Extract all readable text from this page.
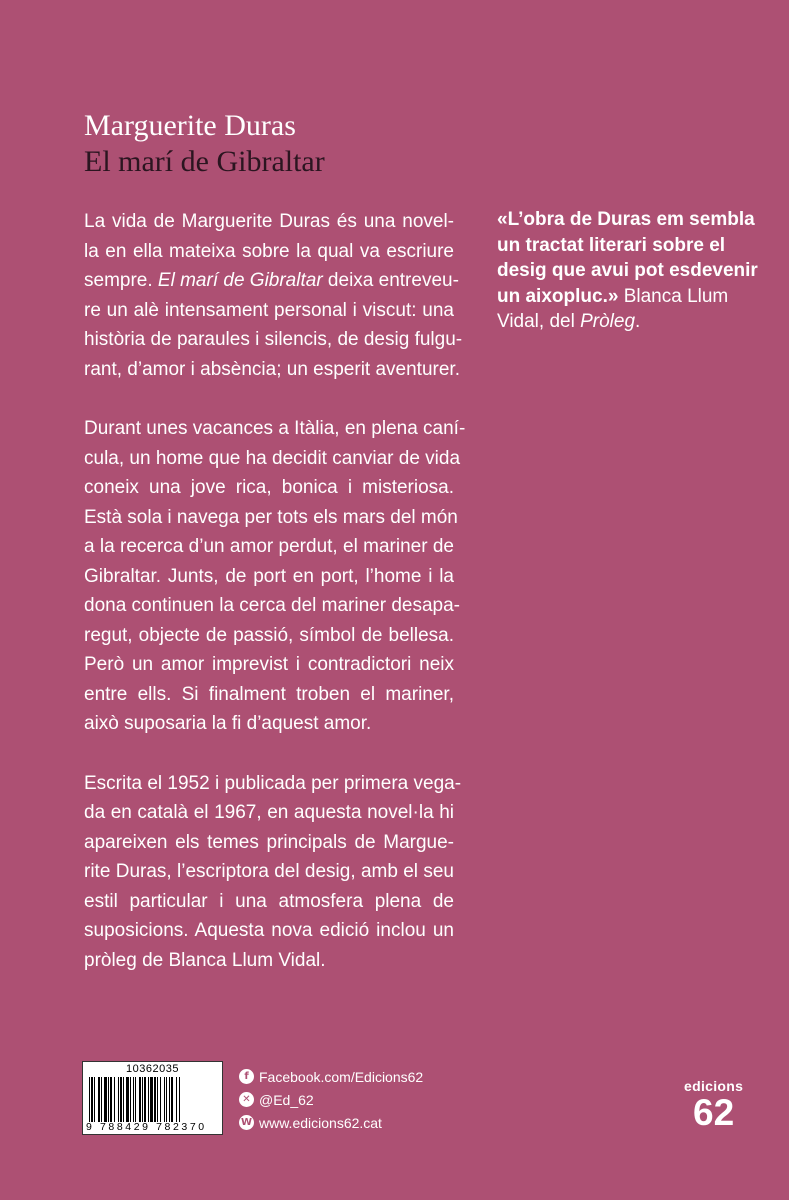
Marguerite Duras
El marí de Gibraltar
La vida de Marguerite Duras és una novel-
la en ella mateixa sobre la qual va escriure
sempre. El marí de Gibraltar deixa entreveu-
re un alè intensament personal i viscut: una
història de paraules i silencis, de desig fulgu-
rant, d’amor i absència; un esperit aventurer.
Durant unes vacances a Itàlia, en plena caní-
cula, un home que ha decidit canviar de vida
coneix una jove rica, bonica i misteriosa.
Està sola i navega per tots els mars del món
a la recerca d’un amor perdut, el mariner de
Gibraltar. Junts, de port en port, l’home i la
dona continuen la cerca del mariner desapa-
regut, objecte de passió, símbol de bellesa.
Però un amor imprevist i contradictori neix
entre ells. Si finalment troben el mariner,
això suposaria la fi d’aquest amor.
Escrita el 1952 i publicada per primera vega-
da en català el 1967, en aquesta novel·la hi
apareixen els temes principals de Margue-
rite Duras, l’escriptora del desig, amb el seu
estil particular i una atmosfera plena de
suposicions. Aquesta nova edició inclou un
pròleg de Blanca Llum Vidal.
«L’obra de Duras em sembla
un tractat literari sobre el
desig que avui pot esdevenir
un aixopluc.» Blanca Llum
Vidal, del Pròleg.
10362035
9 788429 782370
f Facebook.com/Edicions62
✕ @Ed_62
W www.edicions62.cat
edicions
62
